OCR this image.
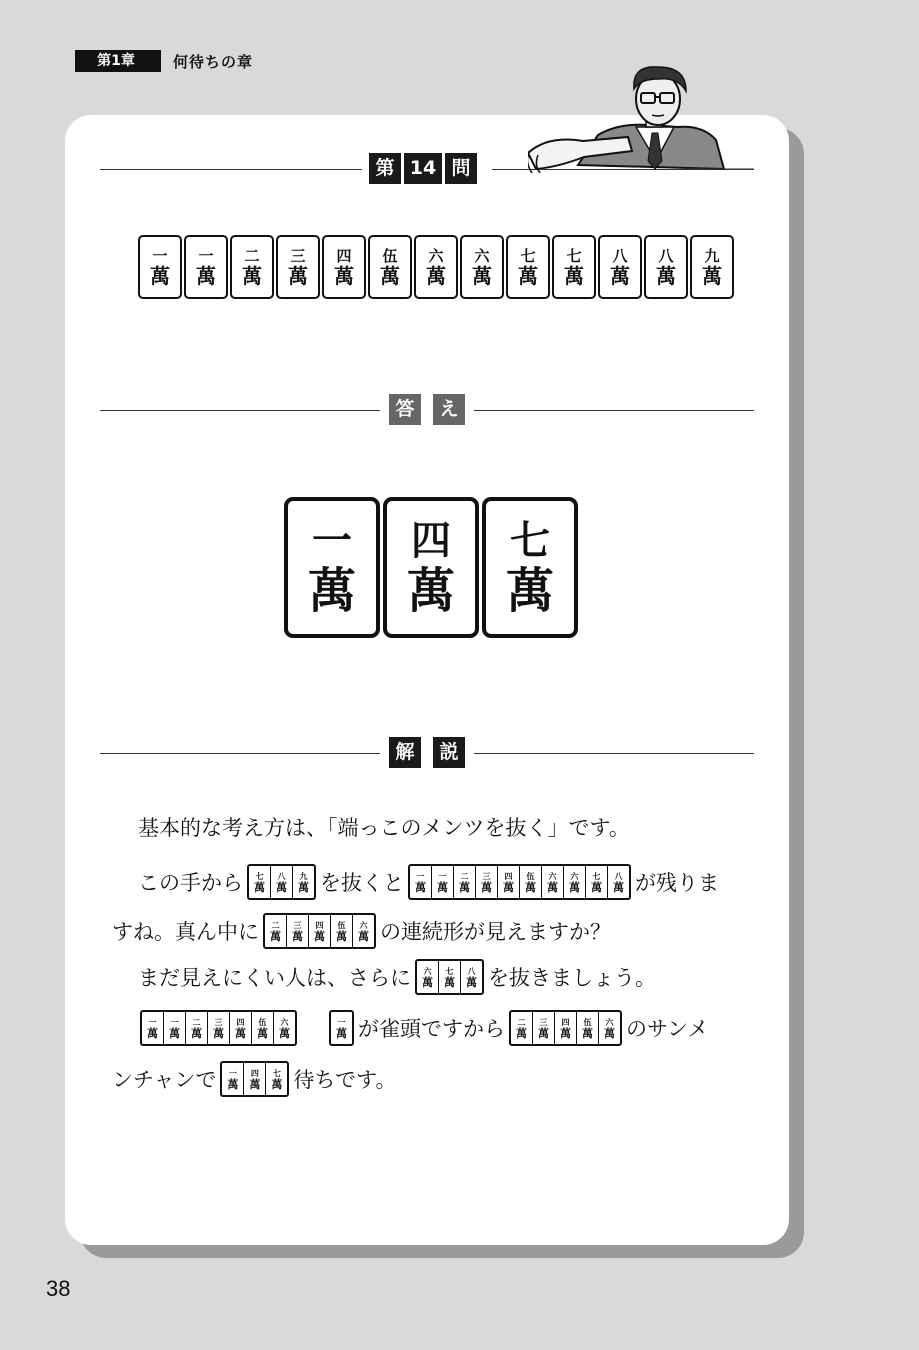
第1章	何待ちの章
第 14 問
答	え
解	説
一
萬
一
萬
二
萬
三
萬
四
萬
伍
萬
六
萬
六
萬
七
萬
七
萬
八
萬
八
萬
九
萬
一
萬
四
萬
七
萬
基本的な考え方は、「端っこのメンツを抜く」です。
この手から 七
萬
八
萬
九
萬 を抜くと 一
萬
一
萬
二
萬
三
萬
四
萬
伍
萬
六
萬
六
萬
七
萬
八
萬 が残りま
すね。真ん中に 二
萬
三
萬
四
萬
伍
萬
六
萬 の連続形が見えますか？
まだ見えにくい人は、さらに 六
萬
七
萬
八
萬 を抜きましょう。
一
萬
一
萬
二
萬
三
萬
四
萬
伍
萬
六
萬
一
萬 が雀頭ですから 二
萬
三
萬
四
萬
伍
萬
六
萬 のサンメ
ンチャンで 一
萬
四
萬
七
萬 待ちです。
38
